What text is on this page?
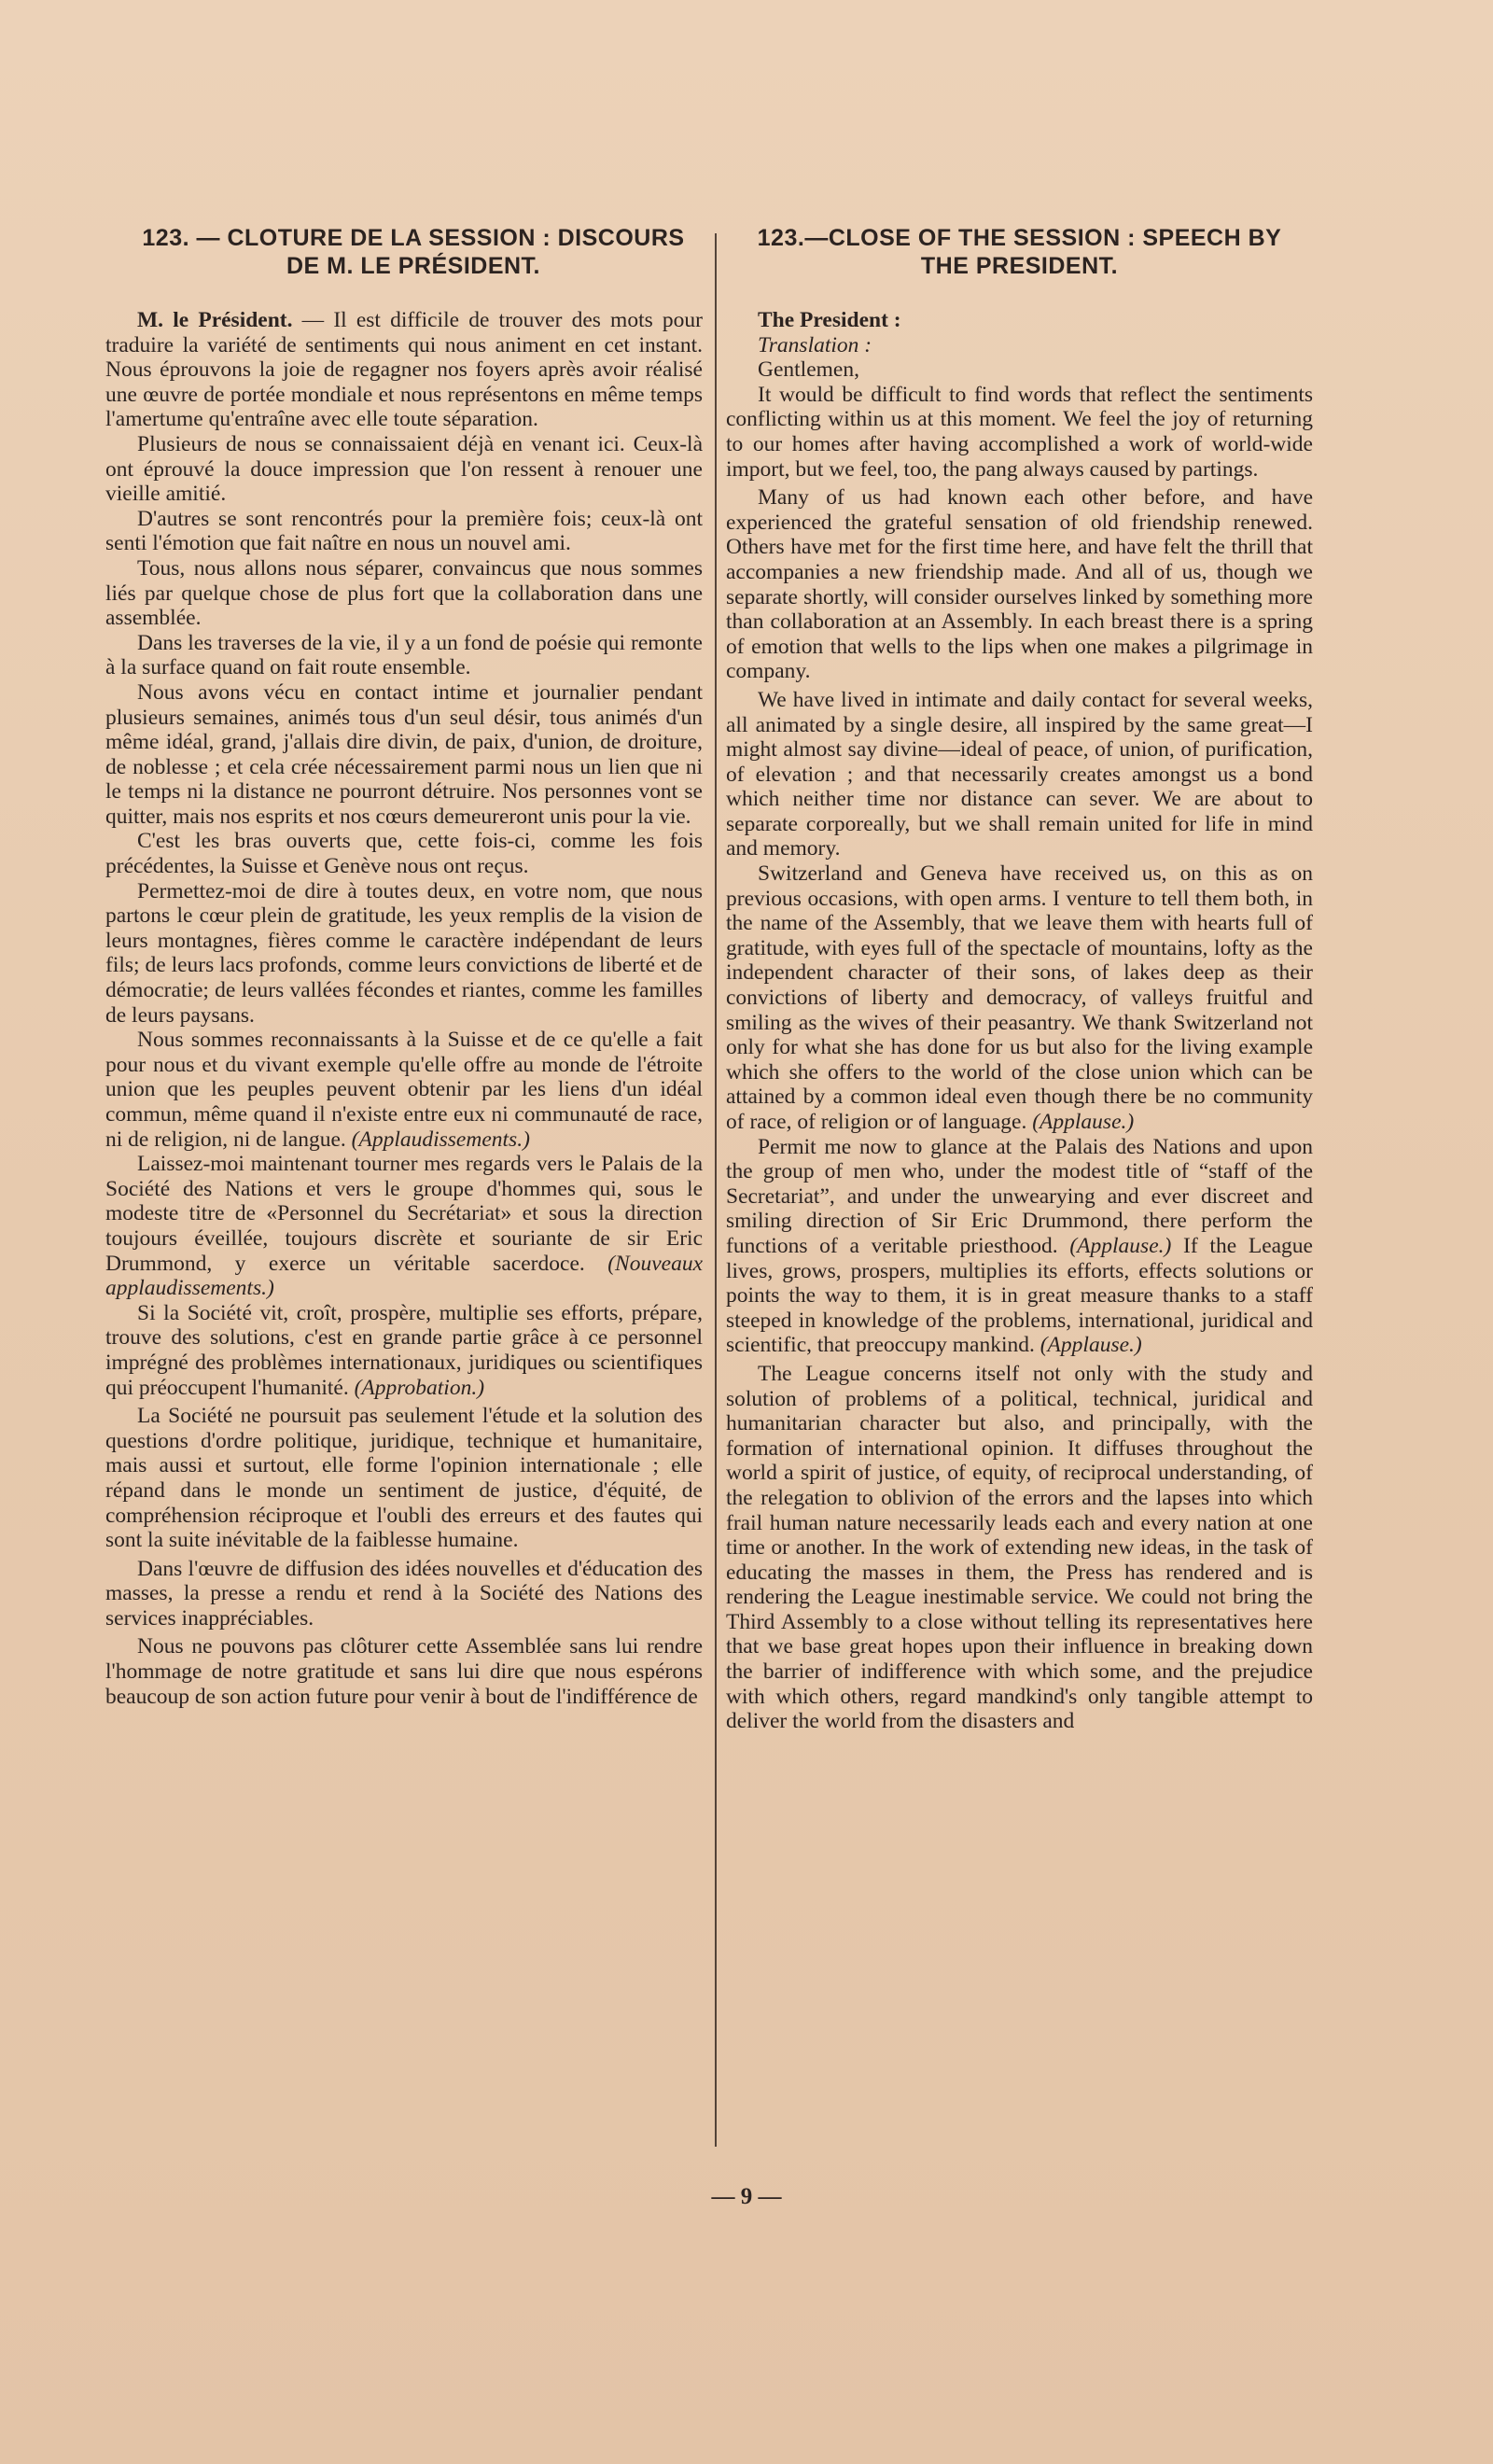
123. — CLOTURE DE LA SESSION : DISCOURS
DE M. LE PRÉSIDENT.

M. le Président. — Il est difficile de trouver des mots pour traduire la variété de sentiments qui nous animent en cet instant. Nous éprouvons la joie de regagner nos foyers après avoir réalisé une œuvre de portée mondiale et nous représentons en même temps l'amertume qu'entraîne avec elle toute séparation.

Plusieurs de nous se connaissaient déjà en venant ici. Ceux-là ont éprouvé la douce impression que l'on ressent à renouer une vieille amitié.

D'autres se sont rencontrés pour la première fois; ceux-là ont senti l'émotion que fait naître en nous un nouvel ami.

Tous, nous allons nous séparer, convaincus que nous sommes liés par quelque chose de plus fort que la collaboration dans une assemblée.

Dans les traverses de la vie, il y a un fond de poésie qui remonte à la surface quand on fait route ensemble.

Nous avons vécu en contact intime et journalier pendant plusieurs semaines, animés tous d'un seul désir, tous animés d'un même idéal, grand, j'allais dire divin, de paix, d'union, de droiture, de noblesse ; et cela crée nécessairement parmi nous un lien que ni le temps ni la distance ne pourront détruire. Nos personnes vont se quitter, mais nos esprits et nos cœurs demeureront unis pour la vie.

C'est les bras ouverts que, cette fois-ci, comme les fois précédentes, la Suisse et Genève nous ont reçus.

Permettez-moi de dire à toutes deux, en votre nom, que nous partons le cœur plein de gratitude, les yeux remplis de la vision de leurs montagnes, fières comme le caractère indépendant de leurs fils; de leurs lacs profonds, comme leurs convictions de liberté et de démocratie; de leurs vallées fécondes et riantes, comme les familles de leurs paysans.

Nous sommes reconnaissants à la Suisse et de ce qu'elle a fait pour nous et du vivant exemple qu'elle offre au monde de l'étroite union que les peuples peuvent obtenir par les liens d'un idéal commun, même quand il n'existe entre eux ni communauté de race, ni de religion, ni de langue. (Applaudissements.)

Laissez-moi maintenant tourner mes regards vers le Palais de la Société des Nations et vers le groupe d'hommes qui, sous le modeste titre de «Personnel du Secrétariat» et sous la direction toujours éveillée, toujours discrète et souriante de sir Eric Drummond, y exerce un véritable sacerdoce. (Nouveaux applaudissements.)

Si la Société vit, croît, prospère, multiplie ses efforts, prépare, trouve des solutions, c'est en grande partie grâce à ce personnel imprégné des problèmes internationaux, juridiques ou scientifiques qui préoccupent l'humanité. (Approbation.)

La Société ne poursuit pas seulement l'étude et la solution des questions d'ordre politique, juridique, technique et humanitaire, mais aussi et surtout, elle forme l'opinion internationale ; elle répand dans le monde un sentiment de justice, d'équité, de compréhension réciproque et l'oubli des erreurs et des fautes qui sont la suite inévitable de la faiblesse humaine.

Dans l'œuvre de diffusion des idées nouvelles et d'éducation des masses, la presse a rendu et rend à la Société des Nations des services inappréciables.

Nous ne pouvons pas clôturer cette Assemblée sans lui rendre l'hommage de notre gratitude et sans lui dire que nous espérons beaucoup de son action future pour venir à bout de l'indifférence de

123.—CLOSE OF THE SESSION : SPEECH BY
THE PRESIDENT.

The President :

Translation :

Gentlemen,

It would be difficult to find words that reflect the sentiments conflicting within us at this moment. We feel the joy of returning to our homes after having accomplished a work of world-wide import, but we feel, too, the pang always caused by partings.

Many of us had known each other before, and have experienced the grateful sensation of old friendship renewed. Others have met for the first time here, and have felt the thrill that accompanies a new friendship made. And all of us, though we separate shortly, will consider ourselves linked by something more than collaboration at an Assembly. In each breast there is a spring of emotion that wells to the lips when one makes a pilgrimage in company.

We have lived in intimate and daily contact for several weeks, all animated by a single desire, all inspired by the same great—I might almost say divine—ideal of peace, of union, of purification, of elevation ; and that necessarily creates amongst us a bond which neither time nor distance can sever. We are about to separate corporeally, but we shall remain united for life in mind and memory.

Switzerland and Geneva have received us, on this as on previous occasions, with open arms. I venture to tell them both, in the name of the Assembly, that we leave them with hearts full of gratitude, with eyes full of the spectacle of mountains, lofty as the independent character of their sons, of lakes deep as their convictions of liberty and democracy, of valleys fruitful and smiling as the wives of their peasantry. We thank Switzerland not only for what she has done for us but also for the living example which she offers to the world of the close union which can be attained by a common ideal even though there be no community of race, of religion or of language. (Applause.)

Permit me now to glance at the Palais des Nations and upon the group of men who, under the modest title of “staff of the Secretariat”, and under the unwearying and ever discreet and smiling direction of Sir Eric Drummond, there perform the functions of a veritable priesthood. (Applause.) If the League lives, grows, prospers, multiplies its efforts, effects solutions or points the way to them, it is in great measure thanks to a staff steeped in knowledge of the problems, international, juridical and scientific, that preoccupy mankind. (Applause.)

The League concerns itself not only with the study and solution of problems of a political, technical, juridical and humanitarian character but also, and principally, with the formation of international opinion. It diffuses throughout the world a spirit of justice, of equity, of reciprocal understanding, of the relegation to oblivion of the errors and the lapses into which frail human nature necessarily leads each and every nation at one time or another. In the work of extending new ideas, in the task of educating the masses in them, the Press has rendered and is rendering the League inestimable service. We could not bring the Third Assembly to a close without telling its representatives here that we base great hopes upon their influence in breaking down the barrier of indifference with which some, and the prejudice with which others, regard mandkind's only tangible attempt to deliver the world from the disasters and

— 9 —
